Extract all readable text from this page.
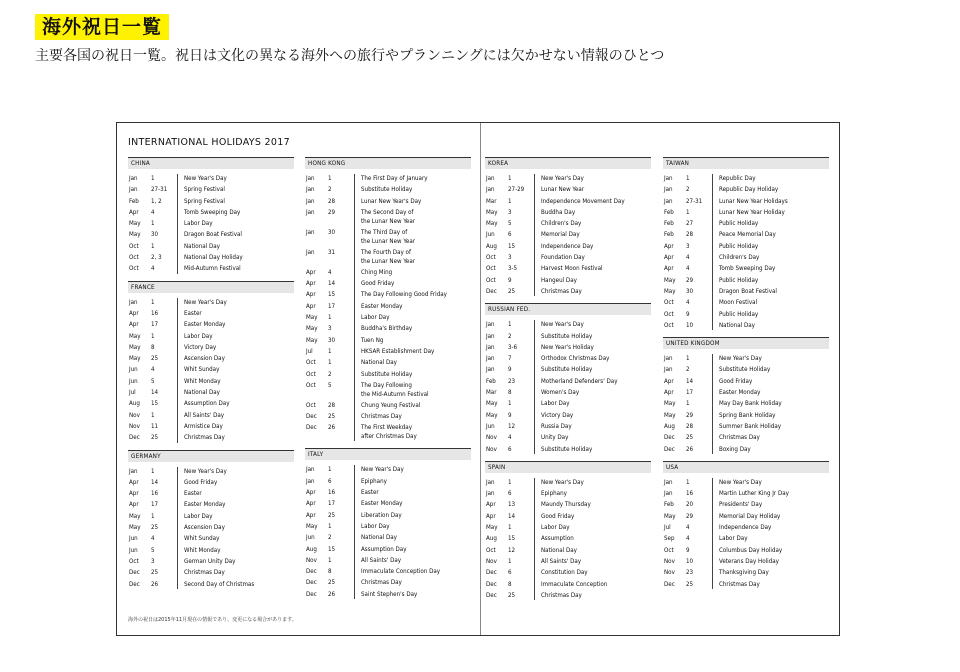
海外祝日一覧
主要各国の祝日一覧。祝日は文化の異なる海外への旅行やプランニングには欠かせない情報のひとつ
INTERNATIONAL HOLIDAYS 2017
CHINA
Jan	1	New Year's Day
Jan	27-31	Spring Festival
Feb	1, 2	Spring Festival
Apr	4	Tomb Sweeping Day
May	1	Labor Day
May	30	Dragon Boat Festival
Oct	1	National Day
Oct	2, 3	National Day Holiday
Oct	4	Mid-Autumn Festival
FRANCE
Jan	1	New Year's Day
Apr	16	Easter
Apr	17	Easter Monday
May	1	Labor Day
May	8	Victory Day
May	25	Ascension Day
Jun	4	Whit Sunday
Jun	5	Whit Monday
Jul	14	National Day
Aug	15	Assumption Day
Nov	1	All Saints' Day
Nov	11	Armistice Day
Dec	25	Christmas Day
GERMANY
Jan	1	New Year's Day
Apr	14	Good Friday
Apr	16	Easter
Apr	17	Easter Monday
May	1	Labor Day
May	25	Ascension Day
Jun	4	Whit Sunday
Jun	5	Whit Monday
Oct	3	German Unity Day
Dec	25	Christmas Day
Dec	26	Second Day of Christmas
HONG KONG
Jan	1	The First Day of January
Jan	2	Substitute Holiday
Jan	28	Lunar New Year's Day
Jan	29	The Second Day of
the Lunar New Year
Jan	30	The Third Day of
the Lunar New Year
Jan	31	The Fourth Day of
the Lunar New Year
Apr	4	Ching Ming
Apr	14	Good Friday
Apr	15	The Day Following Good Friday
Apr	17	Easter Monday
May	1	Labor Day
May	3	Buddha's Birthday
May	30	Tuen Ng
Jul	1	HKSAR Establishment Day
Oct	1	National Day
Oct	2	Substitute Holiday
Oct	5	The Day Following
the Mid-Autumn Festival
Oct	28	Chung Yeung Festival
Dec	25	Christmas Day
Dec	26	The First Weekday
after Christmas Day
ITALY
Jan	1	New Year's Day
Jan	6	Epiphany
Apr	16	Easter
Apr	17	Easter Monday
Apr	25	Liberation Day
May	1	Labor Day
Jun	2	National Day
Aug	15	Assumption Day
Nov	1	All Saints' Day
Dec	8	Immaculate Conception Day
Dec	25	Christmas Day
Dec	26	Saint Stephen's Day
KOREA
Jan	1	New Year's Day
Jan	27-29	Lunar New Year
Mar	1	Independence Movement Day
May	3	Buddha Day
May	5	Children's Day
Jun	6	Memorial Day
Aug	15	Independence Day
Oct	3	Foundation Day
Oct	3-5	Harvest Moon Festival
Oct	9	Hangeul Day
Dec	25	Christmas Day
RUSSIAN FED.
Jan	1	New Year's Day
Jan	2	Substitute Holiday
Jan	3-6	New Year's Holiday
Jan	7	Orthodox Christmas Day
Jan	9	Substitute Holiday
Feb	23	Motherland Defenders' Day
Mar	8	Women's Day
May	1	Labor Day
May	9	Victory Day
Jun	12	Russia Day
Nov	4	Unity Day
Nov	6	Substitute Holiday
SPAIN
Jan	1	New Year's Day
Jan	6	Epiphany
Apr	13	Maundy Thursday
Apr	14	Good Friday
May	1	Labor Day
Aug	15	Assumption
Oct	12	National Day
Nov	1	All Saints' Day
Dec	6	Constitution Day
Dec	8	Immaculate Conception
Dec	25	Christmas Day
TAIWAN
Jan	1	Republic Day
Jan	2	Republic Day Holiday
Jan	27-31	Lunar New Year Holidays
Feb	1	Lunar New Year Holiday
Feb	27	Public Holiday
Feb	28	Peace Memorial Day
Apr	3	Public Holiday
Apr	4	Children's Day
Apr	4	Tomb Sweeping Day
May	29	Public Holiday
May	30	Dragon Boat Festival
Oct	4	Moon Festival
Oct	9	Public Holiday
Oct	10	National Day
UNITED KINGDOM
Jan	1	New Year's Day
Jan	2	Substitute Holiday
Apr	14	Good Friday
Apr	17	Easter Monday
May	1	May Day Bank Holiday
May	29	Spring Bank Holiday
Aug	28	Summer Bank Holiday
Dec	25	Christmas Day
Dec	26	Boxing Day
USA
Jan	1	New Year's Day
Jan	16	Martin Luther King Jr Day
Feb	20	Presidents' Day
May	29	Memorial Day Holiday
Jul	4	Independence Day
Sep	4	Labor Day
Oct	9	Columbus Day Holiday
Nov	10	Veterans Day Holiday
Nov	23	Thanksgiving Day
Dec	25	Christmas Day
海外の祝日は2015年11月現在の情報であり、変更になる場合があります。
